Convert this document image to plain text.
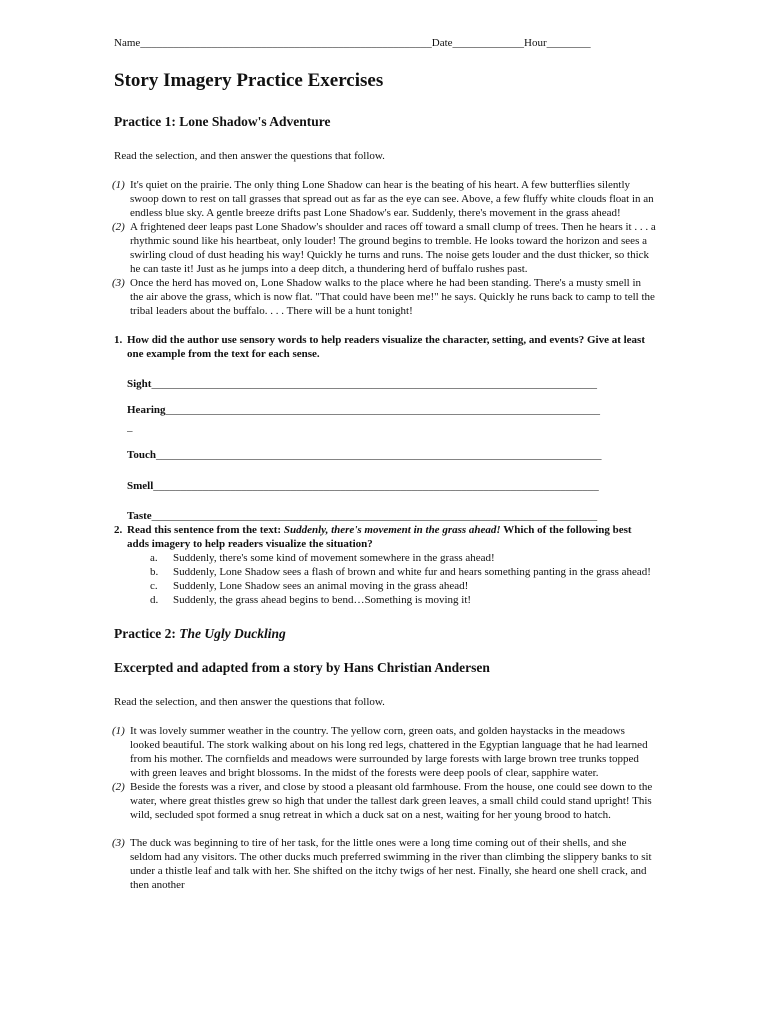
Name _____________________________________________________ Date _____________ Hour ________
Story Imagery Practice Exercises
Practice 1: Lone Shadow's Adventure
Read the selection, and then answer the questions that follow.
(1) It's quiet on the prairie. The only thing Lone Shadow can hear is the beating of his heart. A few butterflies silently swoop down to rest on tall grasses that spread out as far as the eye can see. Above, a few fluffy white clouds float in an endless blue sky. A gentle breeze drifts past Lone Shadow's ear. Suddenly, there's movement in the grass ahead!
(2) A frightened deer leaps past Lone Shadow's shoulder and races off toward a small clump of trees. Then he hears it . . . a rhythmic sound like his heartbeat, only louder! The ground begins to tremble. He looks toward the horizon and sees a swirling cloud of dust heading his way! Quickly he turns and runs. The noise gets louder and the dust thicker, so thick he can taste it! Just as he jumps into a deep ditch, a thundering herd of buffalo rushes past.
(3) Once the herd has moved on, Lone Shadow walks to the place where he had been standing. There's a musty smell in the air above the grass, which is now flat. "That could have been me!" he says. Quickly he runs back to camp to tell the tribal leaders about the buffalo. . . . There will be a hunt tonight!
1. How did the author use sensory words to help readers visualize the character, setting, and events? Give at least one example from the text for each sense.
Sight_________________________________________________________________________________
Hearing_______________________________________________________________________________
_
Touch_________________________________________________________________________________
Smell_________________________________________________________________________________
Taste_________________________________________________________________________________
2. Read this sentence from the text: Suddenly, there's movement in the grass ahead! Which of the following best adds imagery to help readers visualize the situation?
a.	Suddenly, there's some kind of movement somewhere in the grass ahead!
b.	Suddenly, Lone Shadow sees a flash of brown and white fur and hears something panting in the grass ahead!
c.	Suddenly, Lone Shadow sees an animal moving in the grass ahead!
d.	Suddenly, the grass ahead begins to bend…Something is moving it!
Practice 2: The Ugly Duckling
Excerpted and adapted from a story by Hans Christian Andersen
Read the selection, and then answer the questions that follow.
(1) It was lovely summer weather in the country. The yellow corn, green oats, and golden haystacks in the meadows looked beautiful. The stork walking about on his long red legs, chattered in the Egyptian language that he had learned from his mother. The cornfields and meadows were surrounded by large forests with large brown tree trunks topped with green leaves and bright blossoms. In the midst of the forests were deep pools of clear, sapphire water.
(2) Beside the forests was a river, and close by stood a pleasant old farmhouse. From the house, one could see down to the water, where great thistles grew so high that under the tallest dark green leaves, a small child could stand upright! This wild, secluded spot formed a snug retreat in which a duck sat on a nest, waiting for her young brood to hatch.
(3) The duck was beginning to tire of her task, for the little ones were a long time coming out of their shells, and she seldom had any visitors. The other ducks much preferred swimming in the river than climbing the slippery banks to sit under a thistle leaf and talk with her. She shifted on the itchy twigs of her nest. Finally, she heard one shell crack, and then another
